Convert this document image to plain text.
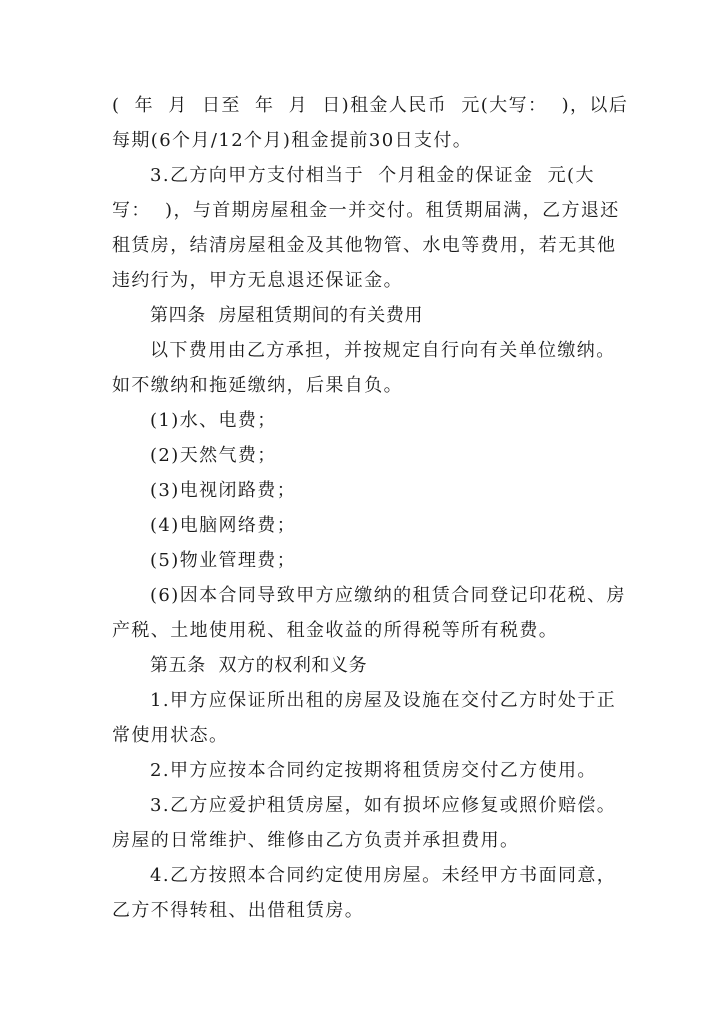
(  年  月  日至  年  月  日)租金人民币  元(大写：  )，以后每期(6个月/12个月)租金提前30日支付。

3.乙方向甲方支付相当于  个月租金的保证金  元(大写：  )，与首期房屋租金一并交付。租赁期届满，乙方退还租赁房，结清房屋租金及其他物管、水电等费用，若无其他违约行为，甲方无息退还保证金。

第四条  房屋租赁期间的有关费用

以下费用由乙方承担，并按规定自行向有关单位缴纳。如不缴纳和拖延缴纳，后果自负。

(1)水、电费；

(2)天然气费；

(3)电视闭路费；

(4)电脑网络费；

(5)物业管理费；

(6)因本合同导致甲方应缴纳的租赁合同登记印花税、房产税、土地使用税、租金收益的所得税等所有税费。

第五条  双方的权利和义务

1.甲方应保证所出租的房屋及设施在交付乙方时处于正常使用状态。

2.甲方应按本合同约定按期将租赁房交付乙方使用。

3.乙方应爱护租赁房屋，如有损坏应修复或照价赔偿。房屋的日常维护、维修由乙方负责并承担费用。

4.乙方按照本合同约定使用房屋。未经甲方书面同意，乙方不得转租、出借租赁房。
